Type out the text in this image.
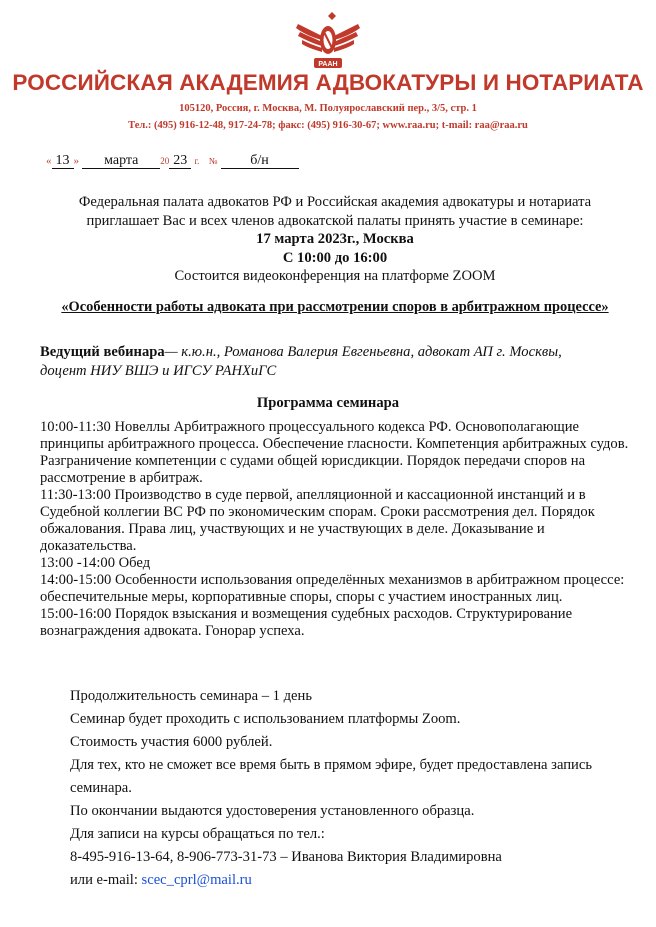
РААН
РОССИЙСКАЯ АКАДЕМИЯ АДВОКАТУРЫ И НОТАРИАТА
105120, Россия, г. Москва, М. Полуярославский пер., 3/5, стр. 1
Тел.: (495) 916-12-48, 917-24-78; факс: (495) 916-30-67; www.raa.ru; t-mail: raa@raa.ru
« 13 » марта 20 23 г. № б/н
Федеральная палата адвокатов РФ и Российская академия адвокатуры и нотариата
приглашает Вас и всех членов адвокатской палаты принять участие в семинаре:
17 марта 2023г., Москва
С 10:00 до 16:00
Состоится видеоконференция на платформе ZOOM
«Особенности работы адвоката при рассмотрении споров в арбитражном процессе»
Ведущий вебинара— к.ю.н., Романова Валерия Евгеньевна, адвокат АП г. Москвы,
доцент НИУ ВШЭ и ИГСУ РАНХиГС
Программа семинара

10:00-11:30 Новеллы Арбитражного процессуального кодекса РФ. Основополагающие принципы арбитражного процесса. Обеспечение гласности. Компетенция арбитражных судов. Разграничение компетенции с судами общей юрисдикции. Порядок передачи споров на рассмотрение в арбитраж.

11:30-13:00 Производство в суде первой, апелляционной и кассационной инстанций и в Судебной коллегии ВС РФ по экономическим спорам. Сроки рассмотрения дел. Порядок обжалования. Права лиц, участвующих и не участвующих в деле. Доказывание и доказательства.

13:00 -14:00 Обед

14:00-15:00 Особенности использования определённых механизмов в арбитражном процессе: обеспечительные меры, корпоративные споры, споры с участием иностранных лиц.

15:00-16:00 Порядок взыскания и возмещения судебных расходов. Структурирование вознаграждения адвоката. Гонорар успеха.

Продолжительность семинара – 1 день

Семинар будет проходить с использованием платформы Zoom.

Стоимость участия 6000 рублей.

Для тех, кто не сможет все время быть в прямом эфире, будет предоставлена запись семинара.

По окончании выдаются удостоверения установленного образца.

Для записи на курсы обращаться по тел.:

8-495-916-13-64, 8-906-773-31-73 – Иванова Виктория Владимировна

или e-mail: scec_cprl@mail.ru
